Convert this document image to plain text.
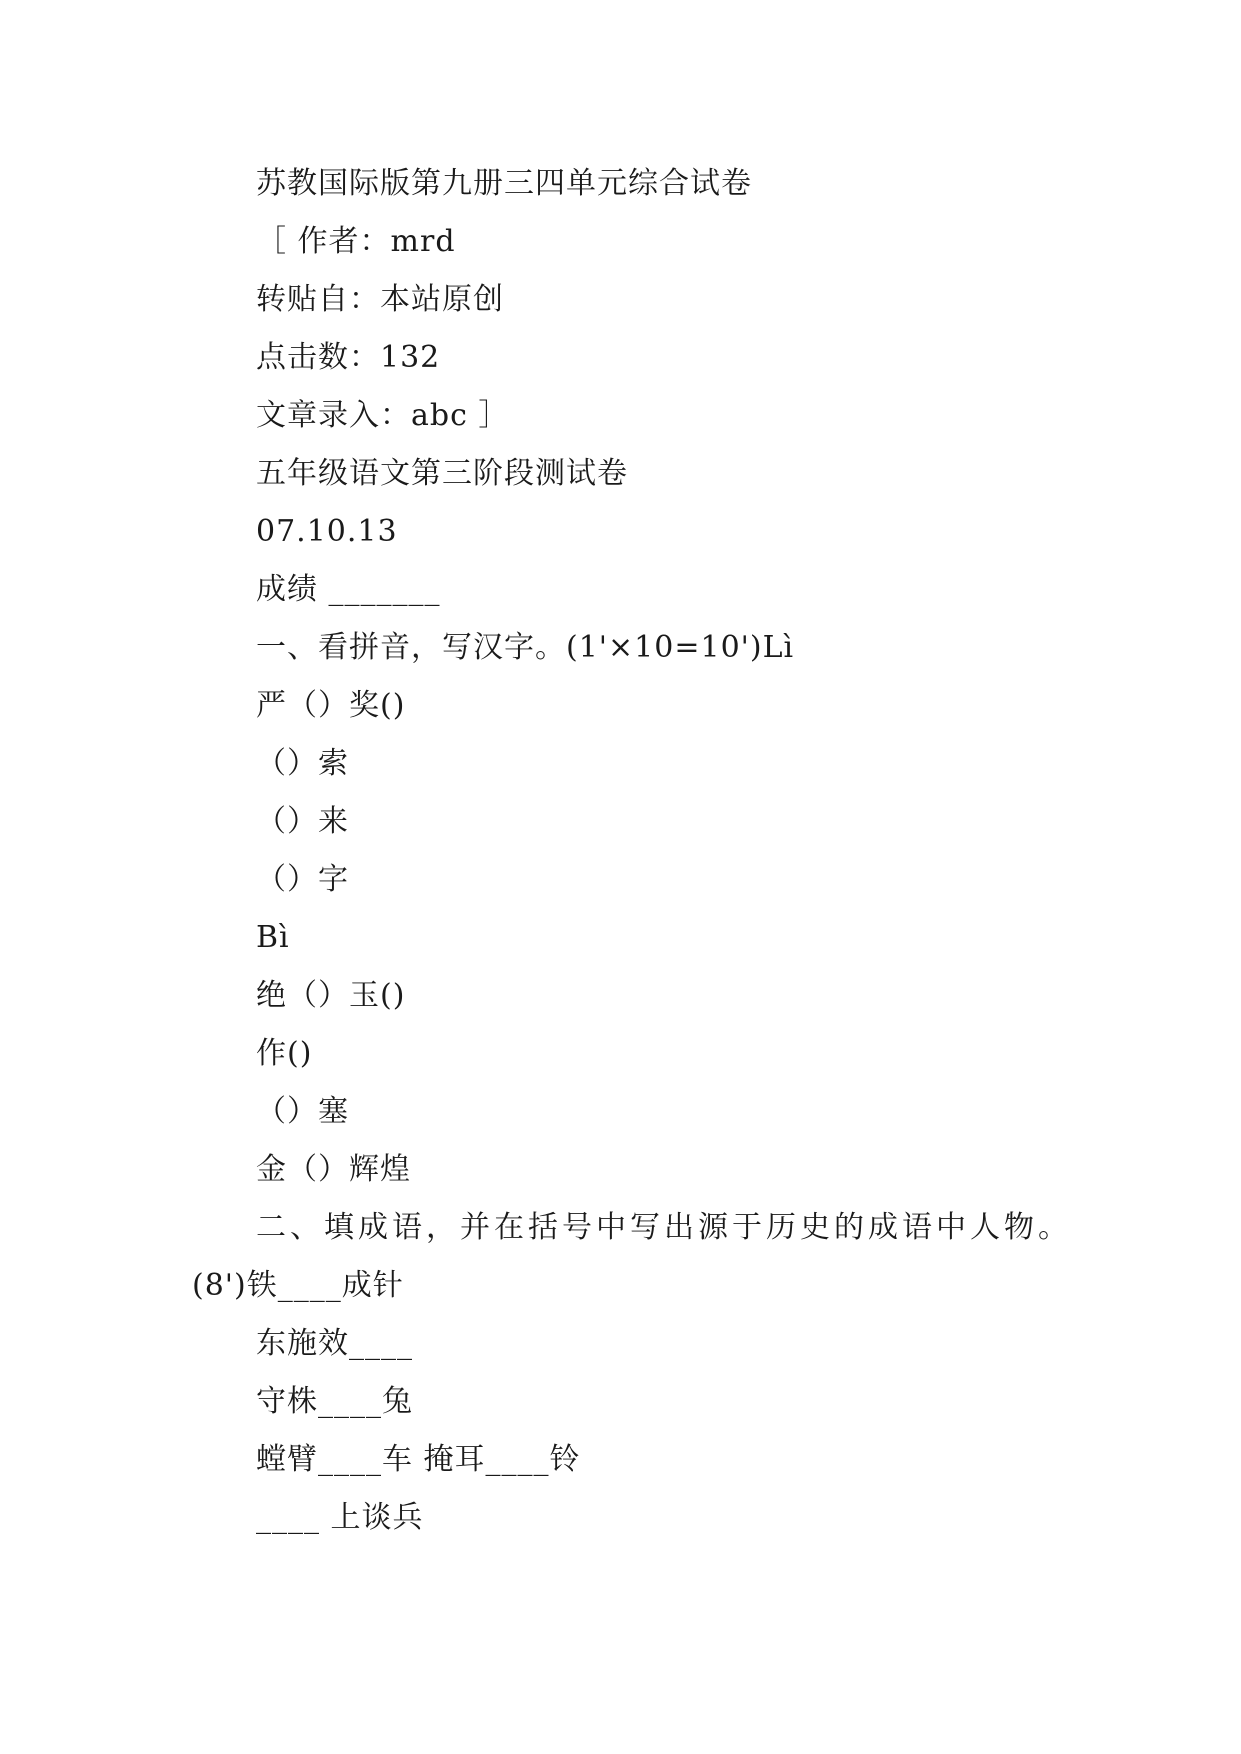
苏教国际版第九册三四单元综合试卷
［ 作者：mrd
转贴自：本站原创
点击数：132
文章录入：abc ］
五年级语文第三阶段测试卷
07.10.13
成绩 _______
一、看拼音，写汉字。(1'×10=10')Lì
严（）奖()
（）索
（）来
（）字
Bì
绝（）玉()
作()
（）塞
金（）辉煌
二、填成语，并在括号中写出源于历史的成语中人物。
(8')铁____成针
东施效____
守株____兔
螳臂____车 掩耳____铃
____ 上谈兵
